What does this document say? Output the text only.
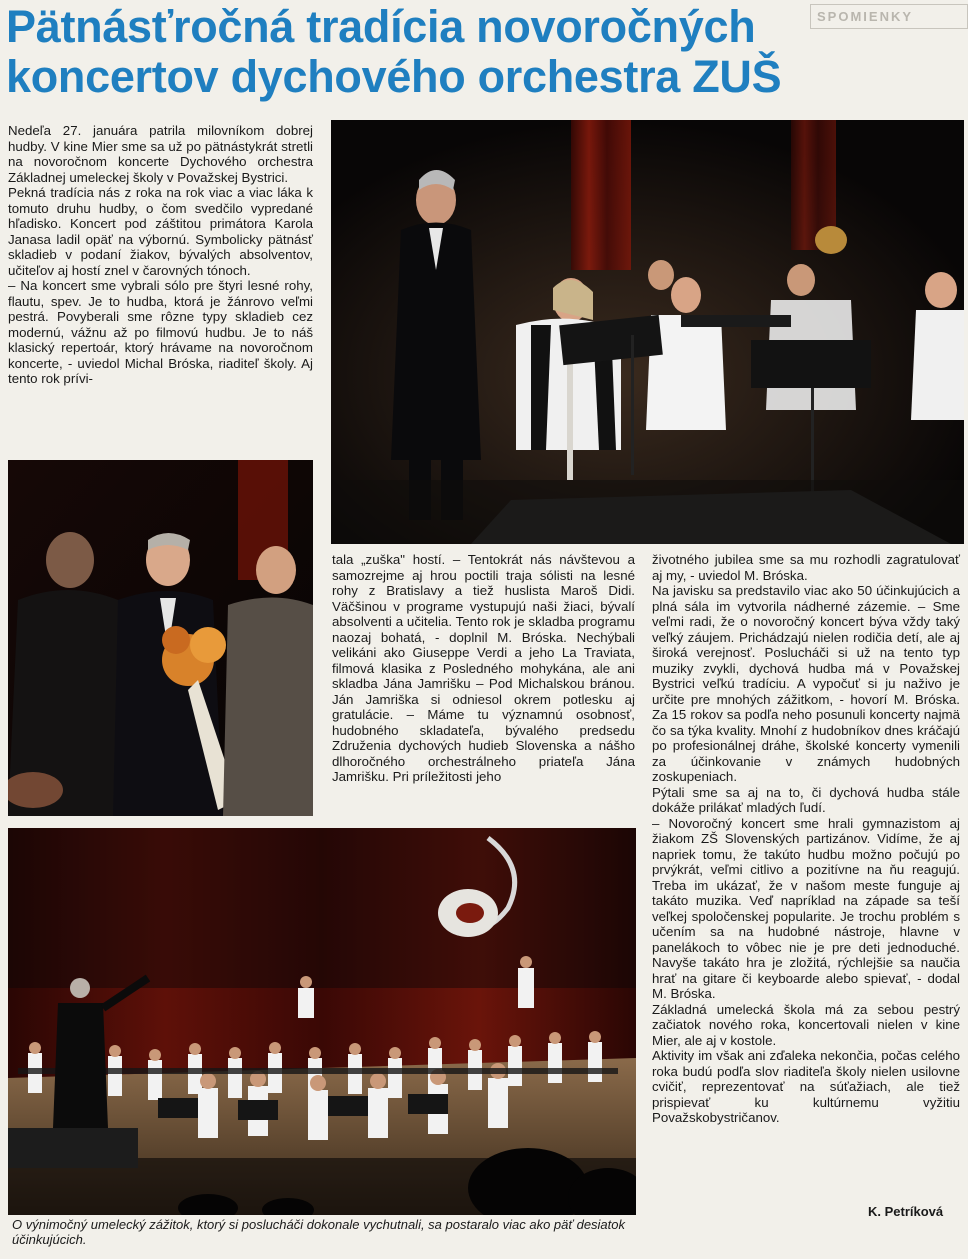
Pätnásťročná tradícia novoročných koncertov dychového orchestra ZUŠ
SPOMIENKY

Nedeľa 27. januára patrila milovníkom dobrej hudby. V kine Mier sme sa už po pätnástykrát stretli na novoročnom koncerte Dychového orchestra Základnej umeleckej školy v Považskej Bystrici.

Pekná tradícia nás z roka na rok viac a viac láka k tomuto druhu hudby, o čom svedčilo vypredané hľadisko. Koncert pod záštitou primátora Karola Janasa ladil opäť na výbornú. Symbolicky pätnásť skladieb v podaní žiakov, bývalých absolventov, učiteľov aj hostí znel v čarovných tónoch.

– Na koncert sme vybrali sólo pre štyri lesné rohy, flautu, spev. Je to hudba, ktorá je žánrovo veľmi pestrá. Povyberali sme rôzne typy skladieb cez modernú, vážnu až po filmovú hudbu. Je to náš klasický repertoár, ktorý hrávame na novoročnom koncerte, - uviedol Michal Bróska, riaditeľ školy. Aj tento rok prívi-

tala „zuška" hostí. – Tentokrát nás návštevou a samozrejme aj hrou poctili traja sólisti na lesné rohy z Bratislavy a tiež huslista Maroš Didi. Väčšinou v programe vystupujú naši žiaci, bývalí absolventi a učitelia. Tento rok je skladba programu naozaj bohatá, - doplnil M. Bróska. Nechýbali velikáni ako Giuseppe Verdi a jeho La Traviata, filmová klasika z Posledného mohykána, ale ani skladba Jána Jamrišku – Pod Michalskou bránou. Ján Jamriška si odniesol okrem potlesku aj gratulácie. – Máme tu významnú osobnosť, hudobného skladateľa, bývalého predsedu Združenia dychových hudieb Slovenska a nášho dlhoročného orchestrálneho priateľa Jána Jamrišku. Pri príležitosti jeho

životného jubilea sme sa mu rozhodli zagratulovať aj my, - uviedol M. Bróska.

Na javisku sa predstavilo viac ako 50 účinkujúcich a plná sála im vytvorila nádherné zázemie. – Sme veľmi radi, že o novoročný koncert býva vždy taký veľký záujem. Prichádzajú nielen rodičia detí, ale aj široká verejnosť. Poslucháči si už na tento typ muziky zvykli, dychová hudba má v Považskej Bystrici veľkú tradíciu. A vypočuť si ju naživo je určite pre mnohých zážitkom, - hovorí M. Bróska. Za 15 rokov sa podľa neho posunuli koncerty najmä čo sa týka kvality. Mnohí z hudobníkov dnes kráčajú po profesionálnej dráhe, školské koncerty vymenili za účinkovanie v známych hudobných zoskupeniach.

Pýtali sme sa aj na to, či dychová hudba stále dokáže prilákať mladých ľudí.

– Novoročný koncert sme hrali gymnazistom aj žiakom ZŠ Slovenských partizánov. Vidíme, že aj napriek tomu, že takúto hudbu možno počujú po prvýkrát, veľmi citlivo a pozitívne na ňu reagujú. Treba im ukázať, že v našom meste funguje aj takáto muzika. Veď napríklad na západe sa teší veľkej spoločenskej popularite. Je trochu problém s učením sa na hudobné nástroje, hlavne v panelákoch to vôbec nie je pre deti jednoduché. Navyše takáto hra je zložitá, rýchlejšie sa naučia hrať na gitare či keyboarde alebo spievať, - dodal M. Bróska.

Základná umelecká škola má za sebou pestrý začiatok nového roka, koncertovali nielen v kine Mier, ale aj v kostole.

Aktivity im však ani zďaleka nekončia, počas celého roka budú podľa slov riaditeľa školy nielen usilovne cvičiť, reprezentovať na súťažiach, ale tiež prispievať ku kultúrnemu vyžitiu Považskobystričanov.

O výnimočný umelecký zážitok, ktorý si poslucháči dokonale vychutnali, sa postaralo viac ako päť desiatok účinkujúcich.
K. Petríková
